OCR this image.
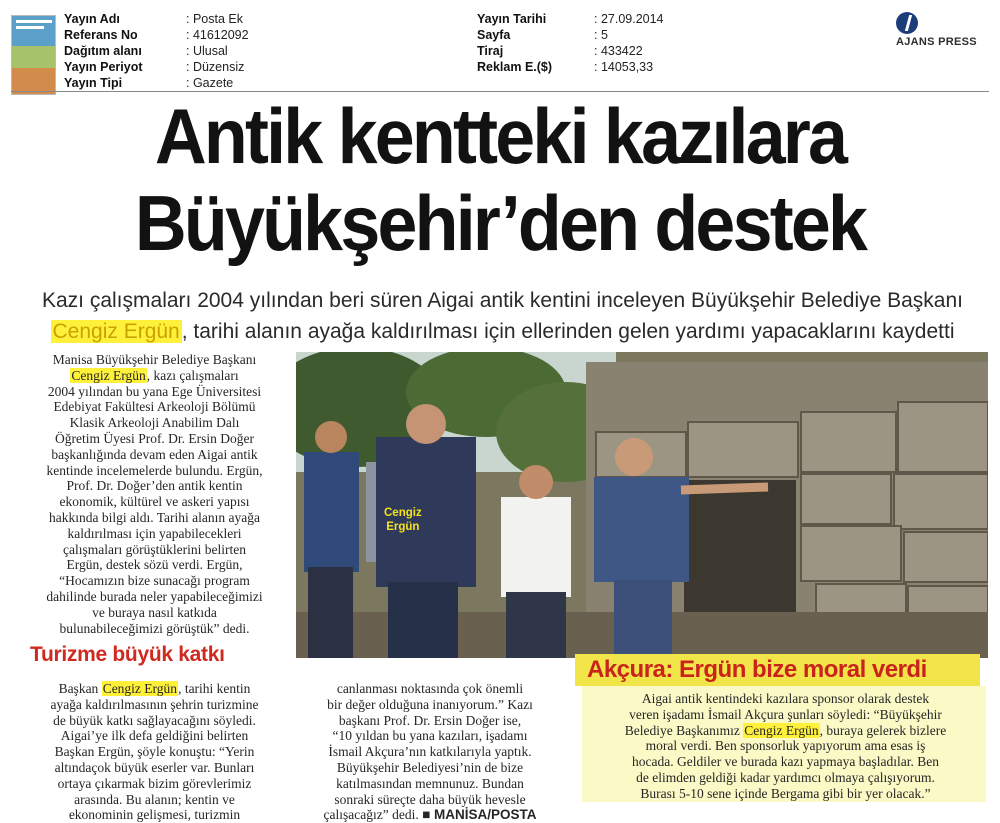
Yayın Adı	: Posta Ek
Referans No	: 41612092
Dağıtım alanı	: Ulusal
Yayın Periyot	: Düzensiz
Yayın Tipi	: Gazete
Yayın Tarihi	: 27.09.2014
Sayfa	: 5
Tiraj	: 433422
Reklam E.($)	: 14053,33
AJANS PRESS
Antik kentteki kazılara
Büyükşehir’den destek
Kazı çalışmaları 2004 yılından beri süren Aigai antik kentini inceleyen Büyükşehir Belediye Başkanı
Cengiz Ergün, tarihi alanın ayağa kaldırılması için ellerinden gelen yardımı yapacaklarını kaydetti

Manisa Büyükşehir Belediye Başkanı

Cengiz Ergün, kazı çalışmaları

2004 yılından bu yana Ege Üniversitesi

Edebiyat Fakültesi Arkeoloji Bölümü

Klasik Arkeoloji Anabilim Dalı

Öğretim Üyesi Prof. Dr. Ersin Doğer

başkanlığında devam eden Aigai antik

kentinde incelemelerde bulundu. Ergün,

Prof. Dr. Doğer’den antik kentin

ekonomik, kültürel ve askeri yapısı

hakkında bilgi aldı. Tarihi alanın ayağa

kaldırılması için yapabilecekleri

çalışmaları görüştüklerini belirten

Ergün, destek sözü verdi. Ergün,

“Hocamızın bize sunacağı program

dahilinde burada neler yapabileceğimizi

ve buraya nasıl katkıda

bulunabileceğimizi görüştük” dedi.

Turizme büyük katkı

Başkan Cengiz Ergün, tarihi kentin

ayağa kaldırılmasının şehrin turizmine

de büyük katkı sağlayacağını söyledi.

Aigai’ye ilk defa geldiğini belirten

Başkan Ergün, şöyle konuştu: “Yerin

altındaçok büyük eserler var. Bunları

ortaya çıkarmak bizim görevlerimiz

arasında. Bu alanın; kentin ve

ekonominin gelişmesi, turizmin

Cengiz
Ergün

canlanması noktasında çok önemli

bir değer olduğuna inanıyorum.” Kazı

başkanı Prof. Dr. Ersin Doğer ise,

“10 yıldan bu yana kazıları, işadamı

İsmail Akçura’nın katkılarıyla yaptık.

Büyükşehir Belediyesi’nin de bize

katılmasından memnunuz. Bundan

sonraki süreçte daha büyük hevesle

çalışacağız” dedi. ■ MANİSA/POSTA

Akçura: Ergün bize moral verdi

Aigai antik kentindeki kazılara sponsor olarak destek

veren işadamı İsmail Akçura şunları söyledi: “Büyükşehir

Belediye Başkanımız Cengiz Ergün, buraya gelerek bizlere

moral verdi. Ben sponsorluk yapıyorum ama esas iş

hocada. Geldiler ve burada kazı yapmaya başladılar. Ben

de elimden geldiği kadar yardımcı olmaya çalışıyorum.

Burası 5-10 sene içinde Bergama gibi bir yer olacak.”
